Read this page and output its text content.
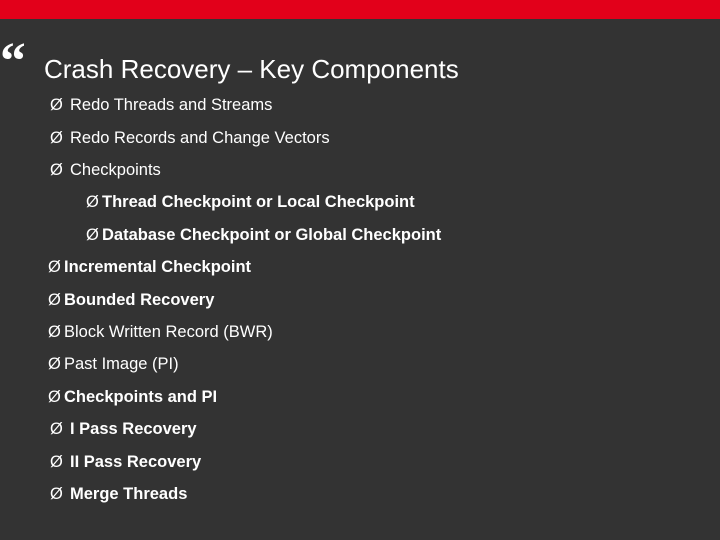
“ Crash Recovery – Key Components
Ø Redo Threads and Streams
Ø Redo Records and Change Vectors
Ø Checkpoints
Ø Thread Checkpoint or Local Checkpoint
Ø Database Checkpoint or Global Checkpoint
Ø Incremental Checkpoint
Ø Bounded Recovery
Ø Block Written Record (BWR)
Ø Past Image (PI)
Ø Checkpoints and PI
Ø I Pass Recovery
Ø II Pass Recovery
Ø Merge Threads
